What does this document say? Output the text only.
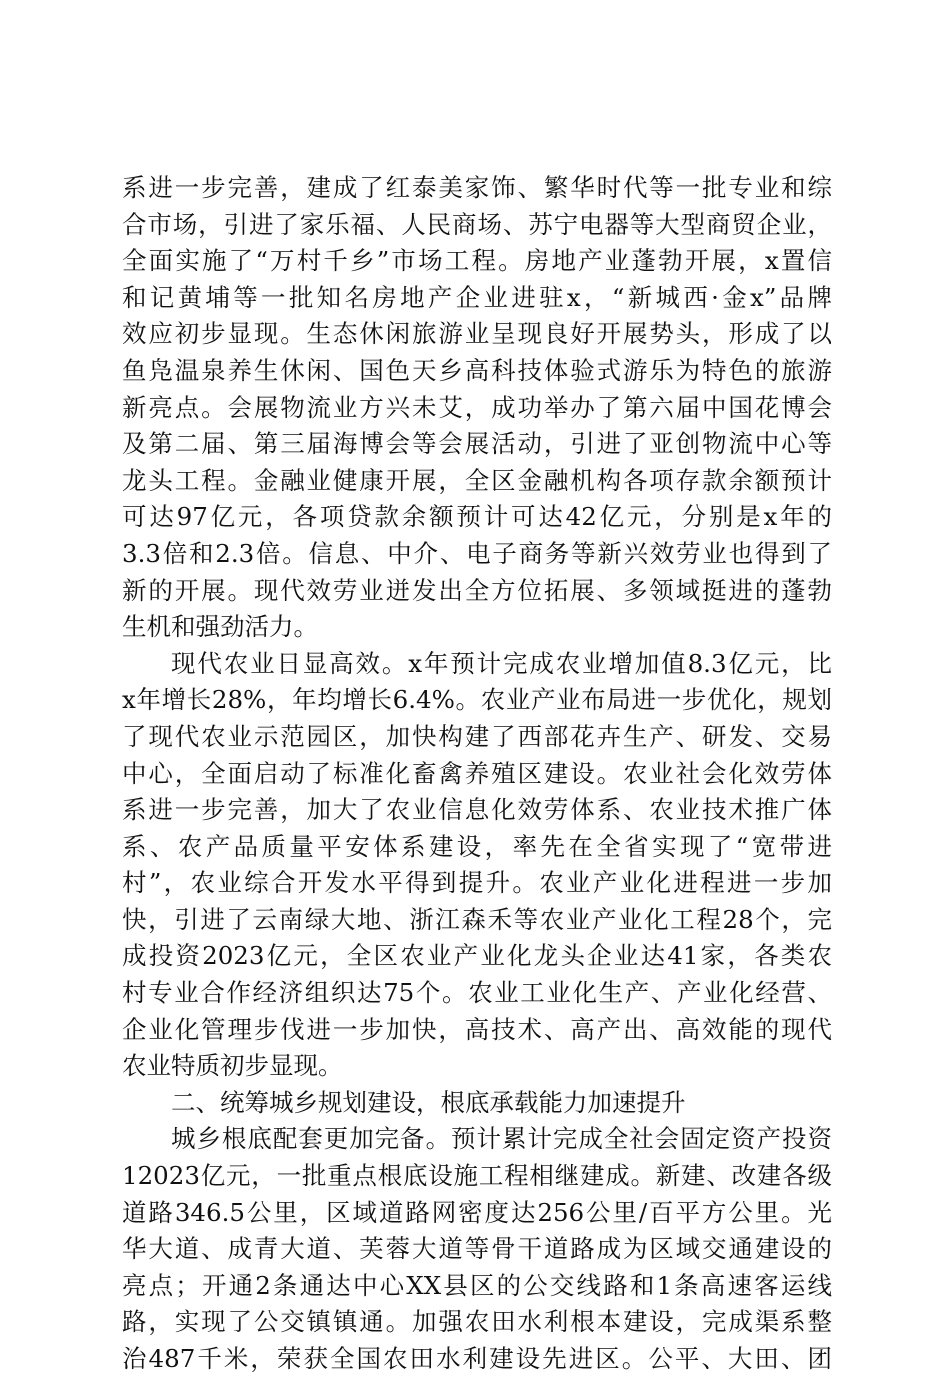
系进一步完善，建成了红泰美家饰、繁华时代等一批专业和综
合市场，引进了家乐福、人民商场、苏宁电器等大型商贸企业，
全面实施了“万村千乡”市场工程。房地产业蓬勃开展，x置信
和记黄埔等一批知名房地产企业进驻x，“新城西·金x”品牌
效应初步显现。生态休闲旅游业呈现良好开展势头，形成了以
鱼凫温泉养生休闲、国色天乡高科技体验式游乐为特色的旅游
新亮点。会展物流业方兴未艾，成功举办了第六届中国花博会
及第二届、第三届海博会等会展活动，引进了亚创物流中心等
龙头工程。金融业健康开展，全区金融机构各项存款余额预计
可达97亿元，各项贷款余额预计可达42亿元，分别是x年的
3.3倍和2.3倍。信息、中介、电子商务等新兴效劳业也得到了
新的开展。现代效劳业迸发出全方位拓展、多领域挺进的蓬勃
生机和强劲活力。
现代农业日显高效。x年预计完成农业增加值8.3亿元，比
x年增长28%，年均增长6.4%。农业产业布局进一步优化，规划
了现代农业示范园区，加快构建了西部花卉生产、研发、交易
中心，全面启动了标准化畜禽养殖区建设。农业社会化效劳体
系进一步完善，加大了农业信息化效劳体系、农业技术推广体
系、农产品质量平安体系建设，率先在全省实现了“宽带进
村”，农业综合开发水平得到提升。农业产业化进程进一步加
快，引进了云南绿大地、浙江森禾等农业产业化工程28个，完
成投资2023亿元，全区农业产业化龙头企业达41家，各类农
村专业合作经济组织达75个。农业工业化生产、产业化经营、
企业化管理步伐进一步加快，高技术、高产出、高效能的现代
农业特质初步显现。
二、统筹城乡规划建设，根底承载能力加速提升
城乡根底配套更加完备。预计累计完成全社会固定资产投资
12023亿元，一批重点根底设施工程相继建成。新建、改建各级
道路346.5公里，区域道路网密度达256公里/百平方公里。光
华大道、成青大道、芙蓉大道等骨干道路成为区域交通建设的
亮点；开通2条通达中心XX县区的公交线路和1条高速客运线
路，实现了公交镇镇通。加强农田水利根本建设，完成渠系整
治487千米，荣获全国农田水利建设先进区。公平、大田、团
